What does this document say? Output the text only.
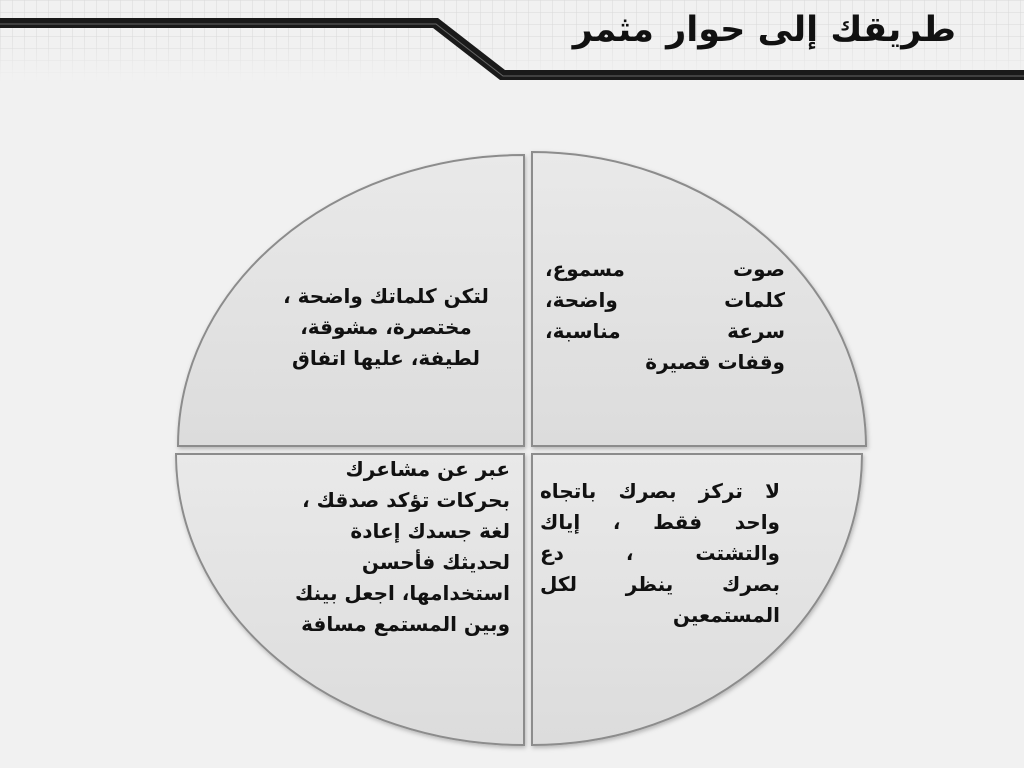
طريقك إلى حوار مثمر
صوت مسموع،
كلمات واضحة،
سرعة مناسبة،
وقفات قصيرة
لتكن كلماتك واضحة ،
مختصرة، مشوقة،
لطيفة، عليها اتفاق
لا تركز بصرك باتجاه
واحد فقط ، إياك
والتشتت ، دع
بصرك ينظر لكل
المستمعين
عبر عن مشاعرك
بحركات تؤكد صدقك ،
لغة جسدك إعادة
لحديثك فأحسن
استخدامها، اجعل بينك
وبين المستمع مسافة
